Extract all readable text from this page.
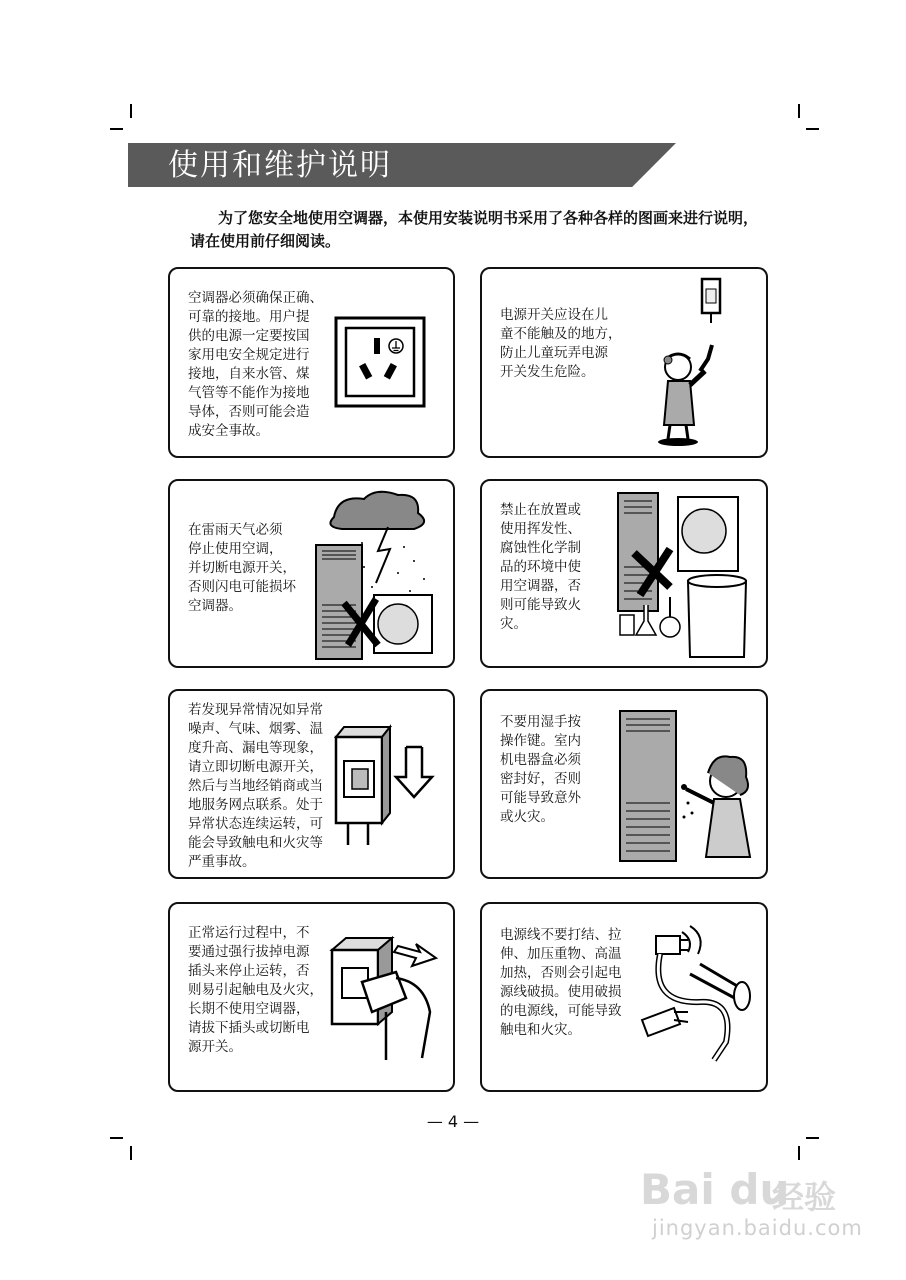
使用和维护说明

为了您安全地使用空调器，本使用安装说明书采用了各种各样的图画来进行说明，

请在使用前仔细阅读。

空调器必须确保正确、
可靠的接地。用户提
供的电源一定要按国
家用电安全规定进行
接地，自来水管、煤
气管等不能作为接地
导体，否则可能会造
成安全事故。
电源开关应设在儿
童不能触及的地方，
防止儿童玩弄电源
开关发生危险。
在雷雨天气必须
停止使用空调，
并切断电源开关，
否则闪电可能损坏
空调器。
禁止在放置或
使用挥发性、
腐蚀性化学制
品的环境中使
用空调器，否
则可能导致火
灾。
若发现异常情况如异常
噪声、气味、烟雾、温
度升高、漏电等现象，
请立即切断电源开关，
然后与当地经销商或当
地服务网点联系。处于
异常状态连续运转，可
能会导致触电和火灾等
严重事故。
不要用湿手按
操作键。室内
机电器盒必须
密封好，否则
可能导致意外
或火灾。
正常运行过程中，不
要通过强行拔掉电源
插头来停止运转，否
则易引起触电及火灾，
长期不使用空调器，
请拔下插头或切断电
源开关。
电源线不要打结、拉
伸、加压重物、高温
加热，否则会引起电
源线破损。使用破损
的电源线，可能导致
触电和火灾。
— 4 —
Bai du
经验
jingyan.baidu.com
